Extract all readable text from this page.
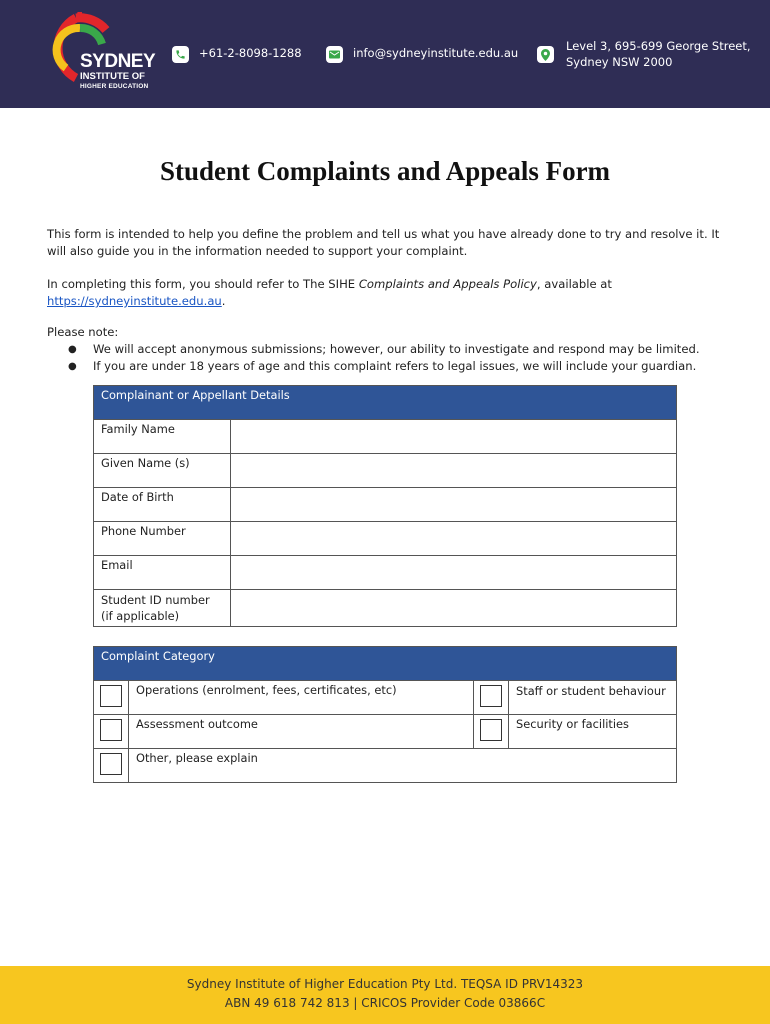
SYDNEY
INSTITUTE OF
HIGHER EDUCATION
+61-2-8098-1288	info@sydneyinstitute.edu.au	Level 3, 695-699 George Street,
Sydney NSW 2000
Student Complaints and Appeals Form
This form is intended to help you define the problem and tell us what you have already done to try and resolve it. It will also guide you in the information needed to support your complaint.
In completing this form, you should refer to The SIHE Complaints and Appeals Policy, available at
https://sydneyinstitute.edu.au.
Please note:
●	We will accept anonymous submissions; however, our ability to investigate and respond may be limited.
●	If you are under 18 years of age and this complaint refers to legal issues, we will include your guardian.
Complainant or Appellant Details	
Family Name	
Given Name (s)	
Date of Birth	
Phone Number	
Email	
Student ID number (if applicable)	
Complaint Category			

	Operations (enrolment, fees, certificates, etc)		Staff or student behaviour

	Assessment outcome		Security or facilities

	Other, please explain		
Sydney Institute of Higher Education Pty Ltd. TEQSA ID PRV14323
ABN 49 618 742 813 | CRICOS Provider Code 03866C
